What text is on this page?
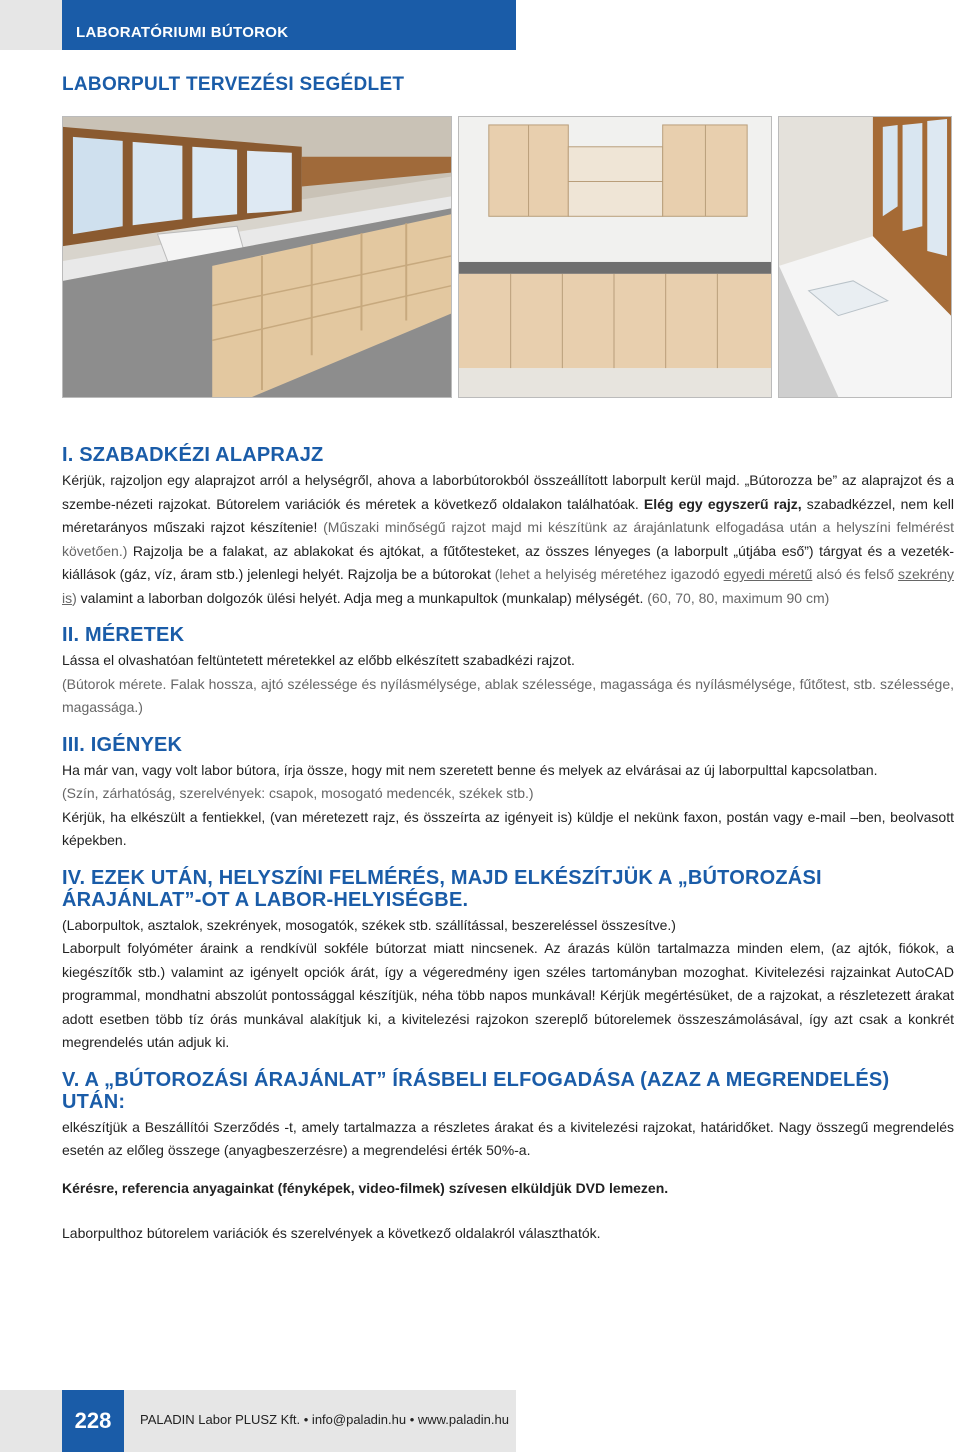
LABORATÓRIUMI BÚTOROK
LABORPULT TERVEZÉSI SEGÉDLET
I. SZABADKÉZI ALAPRAJZ

Kérjük, rajzoljon egy alaprajzot arról a helységről, ahova a laborbútorokból összeállított laborpult kerül majd. „Bútorozza be” az alaprajzot és a szembe-nézeti rajzokat. Bútorelem variációk és méretek a következő oldalakon találhatóak. Elég egy egyszerű rajz, szabadkézzel, nem kell méretarányos műszaki rajzot készítenie! (Műszaki minőségű rajzot majd mi készítünk az árajánlatunk elfogadása után a helyszíni felmérést követően.) Rajzolja be a falakat, az ablakokat és ajtókat, a fűtőtesteket, az összes lényeges (a laborpult „útjába eső”) tárgyat és a vezeték-kiállások (gáz, víz, áram stb.) jelenlegi helyét. Rajzolja be a bútorokat (lehet a helyiség méretéhez igazodó egyedi méretű alsó és felső szekrény is) valamint a laborban dolgozók ülési helyét. Adja meg a munkapultok (munkalap) mélységét. (60, 70, 80, maximum 90 cm)

II. MÉRETEK

Lássa el olvashatóan feltüntetett méretekkel az előbb elkészített szabadkézi rajzot.

(Bútorok mérete. Falak hossza, ajtó szélessége és nyílásmélysége, ablak szélessége, magassága és nyílásmélysége, fűtőtest, stb. szélessége, magassága.)

III. IGÉNYEK

Ha már van, vagy volt labor bútora, írja össze, hogy mit nem szeretett benne és melyek az elvárásai az új laborpulttal kapcsolatban.

(Szín, zárhatóság, szerelvények: csapok, mosogató medencék, székek stb.)

Kérjük, ha elkészült a fentiekkel, (van méretezett rajz, és összeírta az igényeit is) küldje el nekünk faxon, postán vagy e-mail –ben, beolvasott képekben.

IV. EZEK UTÁN, HELYSZÍNI FELMÉRÉS, MAJD ELKÉSZÍTJÜK A „BÚTOROZÁSI ÁRAJÁNLAT”-OT A LABOR-HELYISÉGBE.

(Laborpultok, asztalok, szekrények, mosogatók, székek stb. szállítással, beszereléssel összesítve.)

Laborpult folyóméter áraink a rendkívül sokféle bútorzat miatt nincsenek. Az árazás külön tartalmazza minden elem, (az ajtók, fiókok, a kiegészítők stb.) valamint az igényelt opciók árát, így a végeredmény igen széles tartományban mozoghat. Kivitelezési rajzainkat AutoCAD programmal, mondhatni abszolút pontossággal készítjük, néha több napos munkával! Kérjük megértésüket, de a rajzokat, a részletezett árakat adott esetben több tíz órás munkával alakítjuk ki, a kivitelezési rajzokon szereplő bútorelemek összeszámolásával, így azt csak a konkrét megrendelés után adjuk ki.

V. A „BÚTOROZÁSI ÁRAJÁNLAT” ÍRÁSBELI ELFOGADÁSA (AZAZ A MEGRENDELÉS) UTÁN:

elkészítjük a Beszállítói Szerződés -t, amely tartalmazza a részletes árakat és a kivitelezési rajzokat, határidőket. Nagy összegű megrendelés esetén az előleg összege (anyagbeszerzésre) a megrendelési érték 50%-a.

Kérésre, referencia anyagainkat (fényképek, video-filmek) szívesen elküldjük DVD lemezen.

Laborpulthoz bútorelem variációk és szerelvények a következő oldalakról választhatók.

228	PALADIN Labor PLUSZ Kft. • info@paladin.hu • www.paladin.hu
